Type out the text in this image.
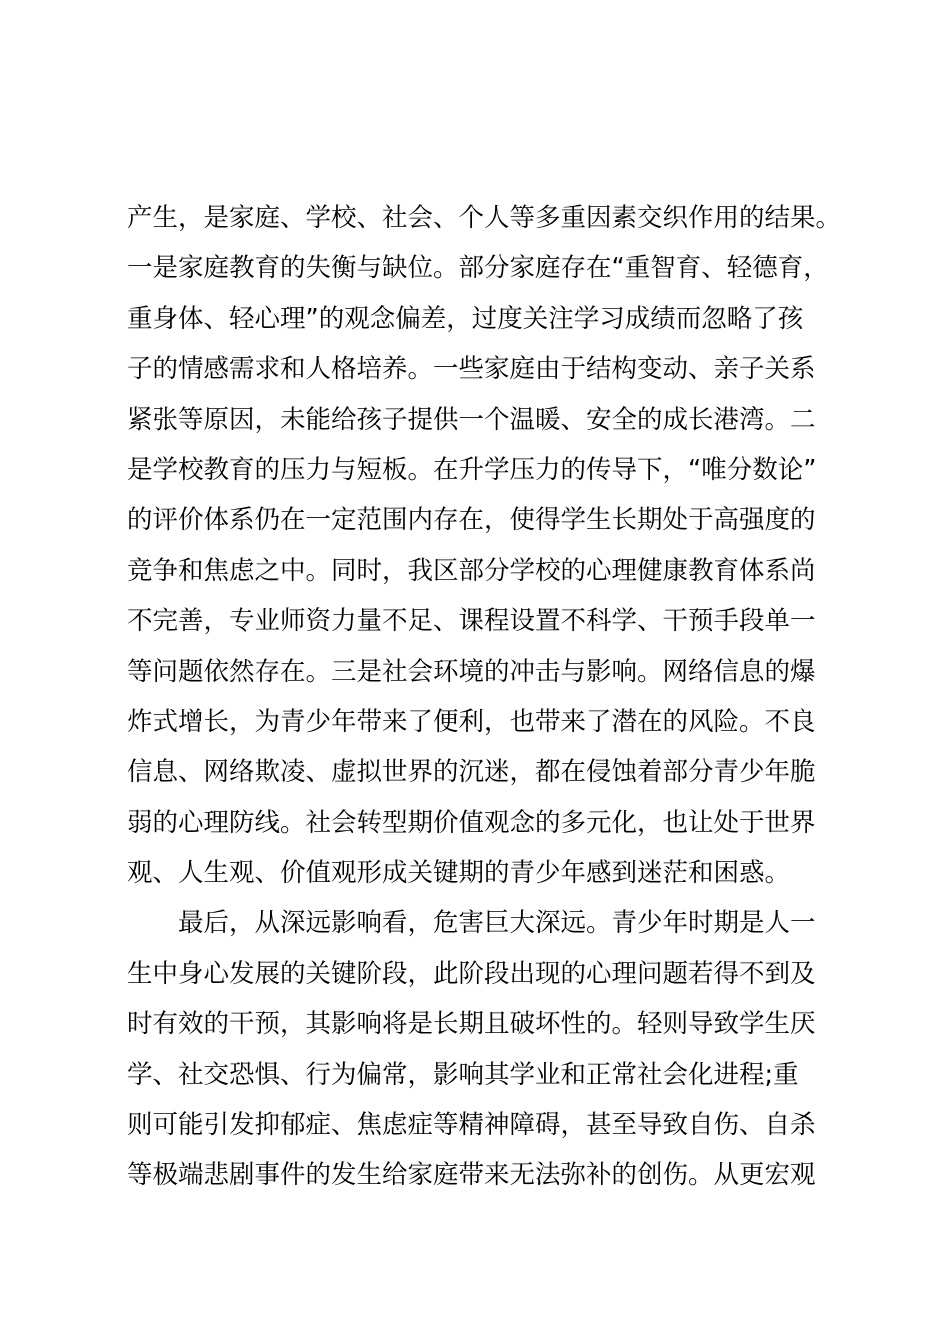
产生，是家庭、学校、社会、个人等多重因素交织作用的结果。
一是家庭教育的失衡与缺位。部分家庭存在“重智育、轻德育，
重身体、轻心理”的观念偏差，过度关注学习成绩而忽略了孩
子的情感需求和人格培养。一些家庭由于结构变动、亲子关系
紧张等原因，未能给孩子提供一个温暖、安全的成长港湾。二
是学校教育的压力与短板。在升学压力的传导下，“唯分数论”
的评价体系仍在一定范围内存在，使得学生长期处于高强度的
竞争和焦虑之中。同时，我区部分学校的心理健康教育体系尚
不完善，专业师资力量不足、课程设置不科学、干预手段单一
等问题依然存在。三是社会环境的冲击与影响。网络信息的爆
炸式增长，为青少年带来了便利，也带来了潜在的风险。不良
信息、网络欺凌、虚拟世界的沉迷，都在侵蚀着部分青少年脆
弱的心理防线。社会转型期价值观念的多元化，也让处于世界
观、人生观、价值观形成关键期的青少年感到迷茫和困惑。
最后，从深远影响看，危害巨大深远。青少年时期是人一
生中身心发展的关键阶段，此阶段出现的心理问题若得不到及
时有效的干预，其影响将是长期且破坏性的。轻则导致学生厌
学、社交恐惧、行为偏常，影响其学业和正常社会化进程;重
则可能引发抑郁症、焦虑症等精神障碍，甚至导致自伤、自杀
等极端悲剧事件的发生给家庭带来无法弥补的创伤。从更宏观
